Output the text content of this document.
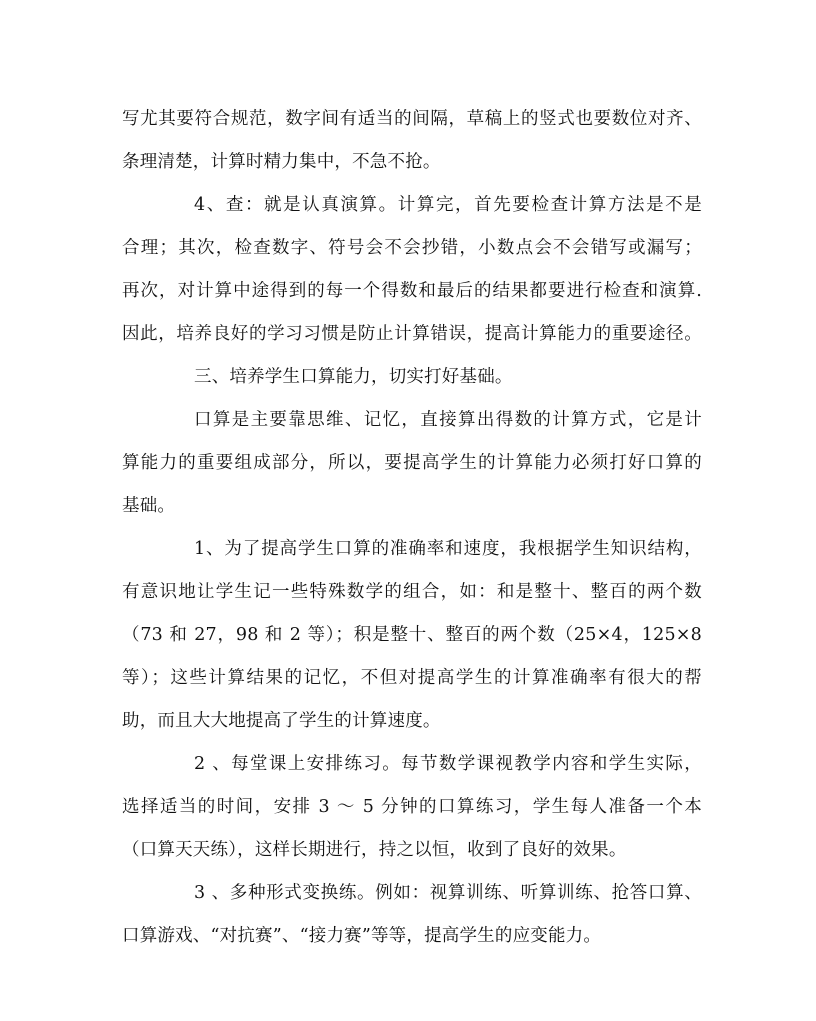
写尤其要符合规范，数字间有适当的间隔，草稿上的竖式也要数位对齐、
条理清楚，计算时精力集中，不急不抢。
4、查：就是认真演算。计算完，首先要检查计算方法是不是
合理；其次，检查数字、符号会不会抄错，小数点会不会错写或漏写；
再次，对计算中途得到的每一个得数和最后的结果都要进行检查和演算.
因此，培养良好的学习习惯是防止计算错误，提高计算能力的重要途径。
三、培养学生口算能力，切实打好基础。
口算是主要靠思维、记忆，直接算出得数的计算方式，它是计
算能力的重要组成部分，所以，要提高学生的计算能力必须打好口算的
基础。
1、为了提高学生口算的准确率和速度，我根据学生知识结构，
有意识地让学生记一些特殊数学的组合，如：和是整十、整百的两个数
（73 和 27，98 和 2 等）；积是整十、整百的两个数（25×4，125×8
等）；这些计算结果的记忆，不但对提高学生的计算准确率有很大的帮
助，而且大大地提高了学生的计算速度。
2 、每堂课上安排练习。每节数学课视教学内容和学生实际，
选择适当的时间，安排 3 ～ 5 分钟的口算练习，学生每人准备一个本
（口算天天练），这样长期进行，持之以恒，收到了良好的效果。
3 、多种形式变换练。例如：视算训练、听算训练、抢答口算、
口算游戏、“对抗赛”、“接力赛”等等，提高学生的应变能力。
